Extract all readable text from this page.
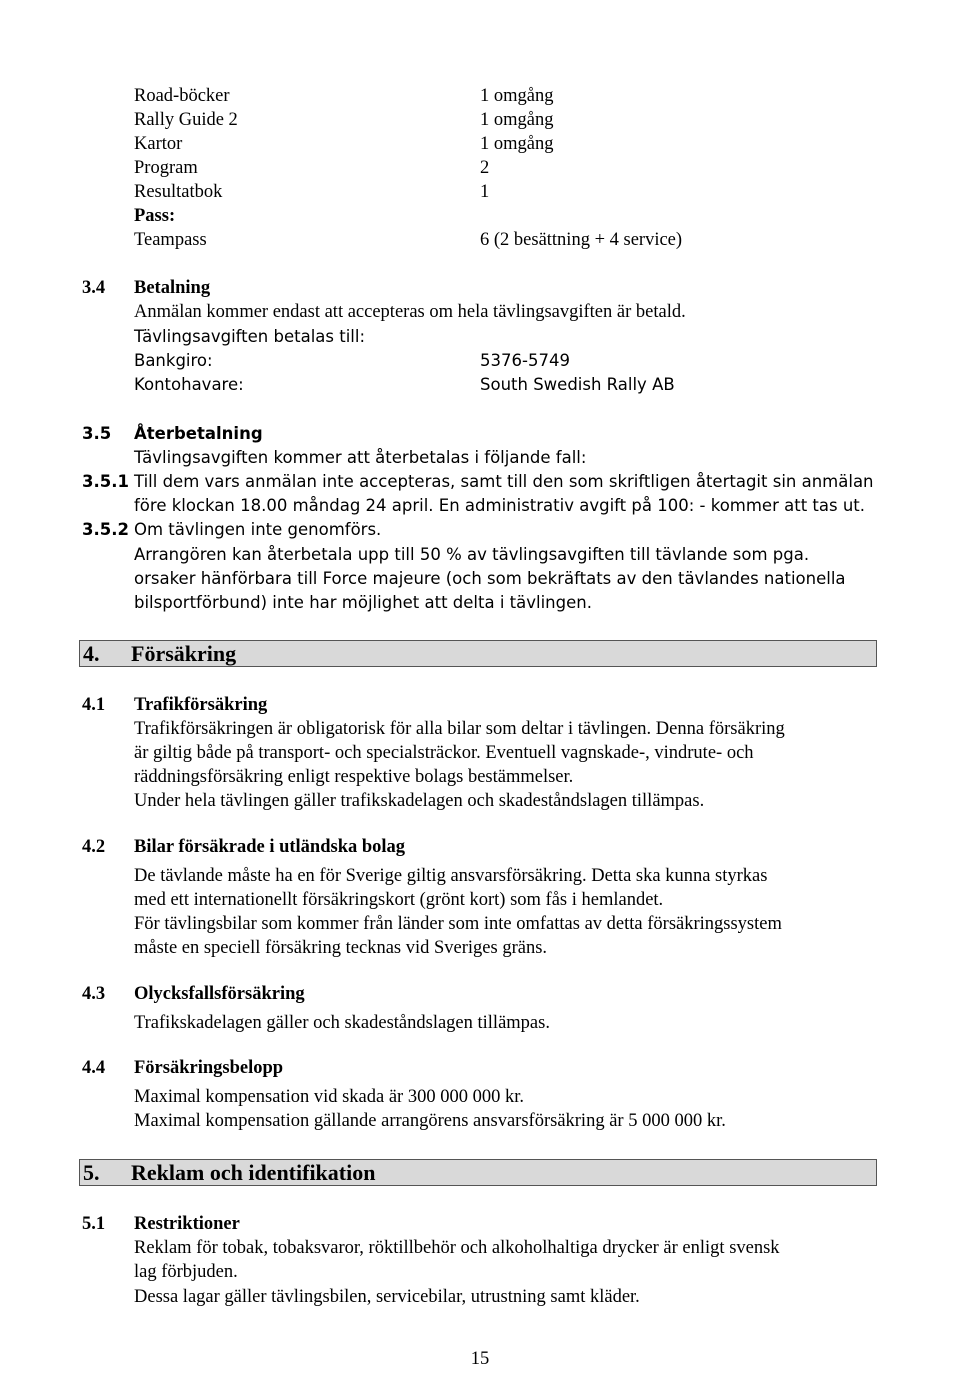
Road-böcker	1 omgång
Rally Guide 2	1 omgång
Kartor	1 omgång
Program	2
Resultatbok	1
Pass:
Teampass	6 (2 besättning + 4 service)
3.4 Betalning
Anmälan kommer endast att accepteras om hela tävlingsavgiften är betald.
Tävlingsavgiften betalas till:
Bankgiro:	5376-5749
Kontohavare:	South Swedish Rally AB
3.5 Återbetalning
Tävlingsavgiften kommer att återbetalas i följande fall:
3.5.1 Till dem vars anmälan inte accepteras, samt till den som skriftligen återtagit sin anmälan
före klockan 18.00 måndag 24 april. En administrativ avgift på 100: - kommer att tas ut.
3.5.2 Om tävlingen inte genomförs.
Arrangören kan återbetala upp till 50 % av tävlingsavgiften till tävlande som pga.
orsaker hänförbara till Force majeure (och som bekräftats av den tävlandes nationella
bilsportförbund) inte har möjlighet att delta i tävlingen.
4. Försäkring
4.1 Trafikförsäkring
Trafikförsäkringen är obligatorisk för alla bilar som deltar i tävlingen. Denna försäkring
är giltig både på transport- och specialsträckor. Eventuell vagnskade-, vindrute- och
räddningsförsäkring enligt respektive bolags bestämmelser.
Under hela tävlingen gäller trafikskadelagen och skadeståndslagen tillämpas.
4.2 Bilar försäkrade i utländska bolag
De tävlande måste ha en för Sverige giltig ansvarsförsäkring. Detta ska kunna styrkas
med ett internationellt försäkringskort (grönt kort) som fås i hemlandet.
För tävlingsbilar som kommer från länder som inte omfattas av detta försäkringssystem
måste en speciell försäkring tecknas vid Sveriges gräns.
4.3 Olycksfallsförsäkring
Trafikskadelagen gäller och skadeståndslagen tillämpas.
4.4 Försäkringsbelopp
Maximal kompensation vid skada är 300 000 000 kr.
Maximal kompensation gällande arrangörens ansvarsförsäkring är 5 000 000 kr.
5. Reklam och identifikation
5.1 Restriktioner
Reklam för tobak, tobaksvaror, röktillbehör och alkoholhaltiga drycker är enligt svensk
lag förbjuden.
Dessa lagar gäller tävlingsbilen, servicebilar, utrustning samt kläder.
15
